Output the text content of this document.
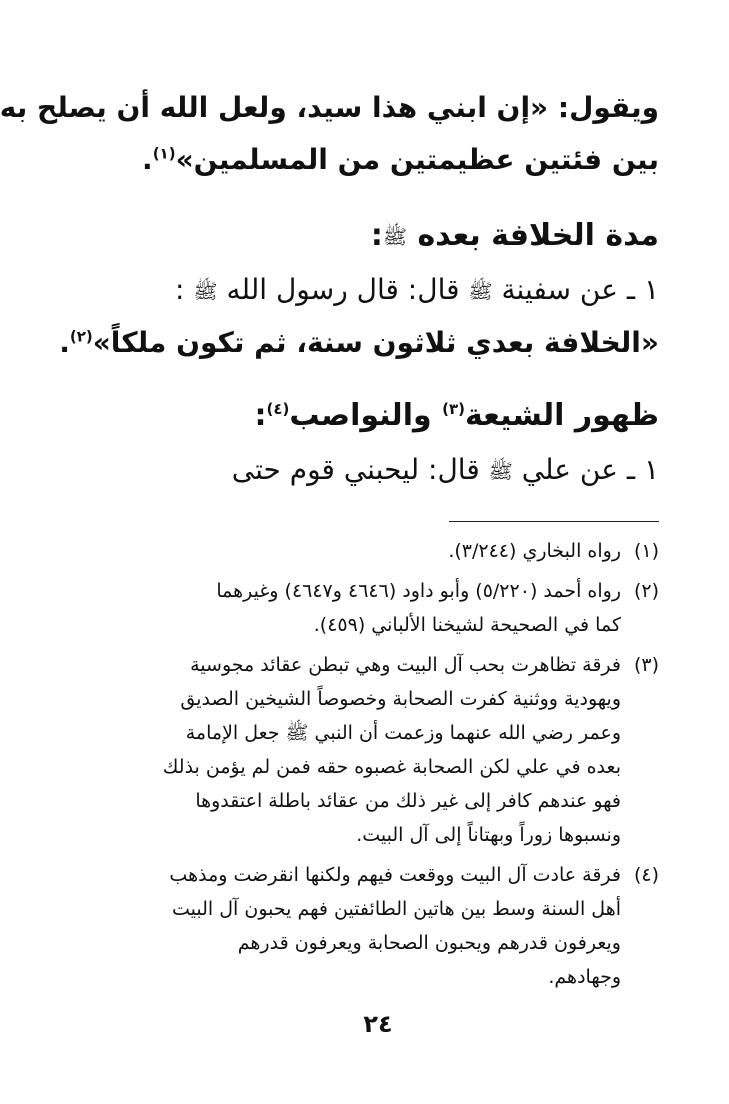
ويقول: «إن ابني هذا سيد، ولعل الله أن يصلح به
بين فئتين عظيمتين من المسلمين»$^{(١)}$.
مدة الخلافة بعده ﷺ:
١ ـ عن سفينة ﷺ قال: قال رسول الله ﷺ :
«الخلافة بعدي ثلاثون سنة، ثم تكون ملكاً»$^{(٢)}$.
ظهور الشيعة$^{(٣)}$ والنواصب$^{(٤)}$:
١ ـ عن علي ﷺ قال: ليحبني قوم حتى
(١)
رواه البخاري (٣/٢٤٤).
(٢)
رواه أحمد (٥/٢٢٠) وأبو داود (٤٦٤٦ و٤٦٤٧) وغيرهما
كما في الصحيحة لشيخنا الألباني (٤٥٩).
(٣)
فرقة تظاهرت بحب آل البيت وهي تبطن عقائد مجوسية
ويهودية ووثنية كفرت الصحابة وخصوصاً الشيخين الصديق
وعمر رضي الله عنهما وزعمت أن النبي ﷺ جعل الإمامة
بعده في علي لكن الصحابة غصبوه حقه فمن لم يؤمن بذلك
فهو عندهم كافر إلى غير ذلك من عقائد باطلة اعتقدوها
ونسبوها زوراً وبهتاناً إلى آل البيت.
(٤)
فرقة عادت آل البيت ووقعت فيهم ولكنها انقرضت ومذهب
أهل السنة وسط بين هاتين الطائفتين فهم يحبون آل البيت
ويعرفون قدرهم ويحبون الصحابة ويعرفون قدرهم
وجهادهم.
٢٤
